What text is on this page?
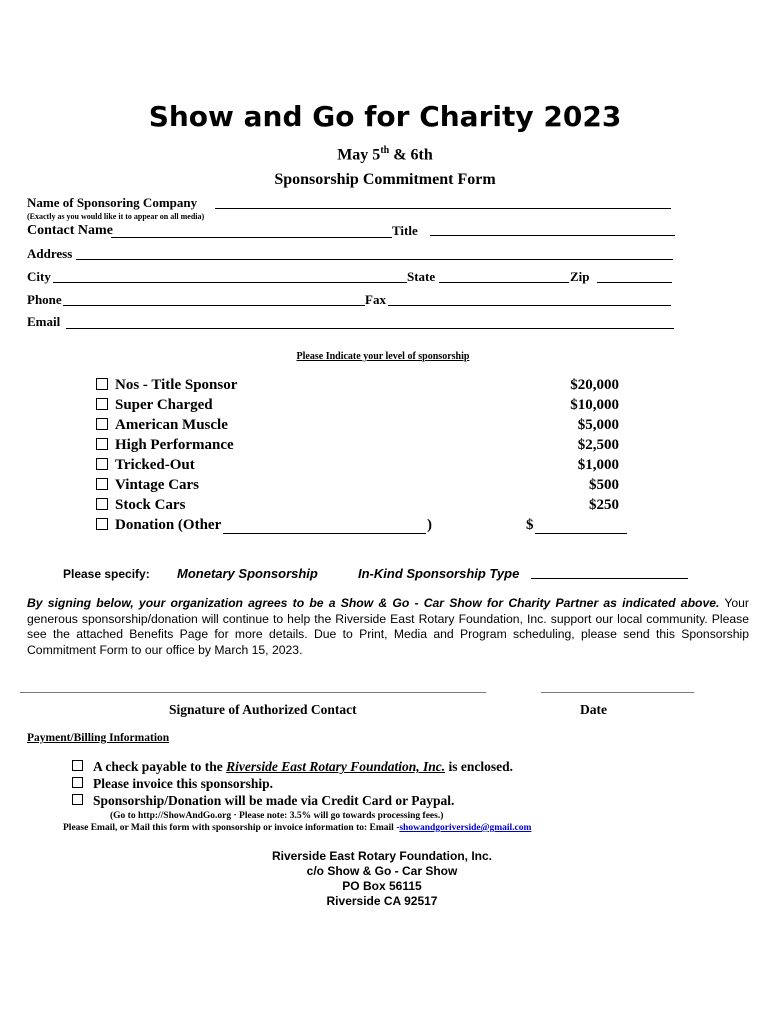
Show and Go for Charity 2023
May 5th & 6th
Sponsorship Commitment Form
Name of Sponsoring Company
(Exactly as you would like it to appear on all media)
Contact Name	Title
Address
City	State	Zip
Phone	Fax
Email
Please Indicate your level of sponsorship
Nos - Title Sponsor	$20,000
Super Charged	$10,000
American Muscle	$5,000
High Performance	$2,500
Tricked-Out	$1,000
Vintage Cars	$500
Stock Cars	$250
Donation (Other	)	$
Please specify: Monetary Sponsorship	In-Kind Sponsorship Type
By signing below, your organization agrees to be a Show & Go - Car Show for Charity Partner as indicated above. Your generous sponsorship/donation will continue to help the Riverside East Rotary Foundation, Inc. support our local community. Please see the attached Benefits Page for more details. Due to Print, Media and Program scheduling, please send this Sponsorship Commitment Form to our office by March 15, 2023.
Signature of Authorized Contact	Date
Payment/Billing Information
A check payable to the Riverside East Rotary Foundation, Inc. is enclosed.
Please invoice this sponsorship.
Sponsorship/Donation will be made via Credit Card or Paypal.
(Go to http://ShowAndGo.org · Please note: 3.5% will go towards processing fees.)
Please Email, or Mail this form with sponsorship or invoice information to: Email -showandgoriverside@gmail.com
Riverside East Rotary Foundation, Inc.
c/o Show & Go - Car Show
PO Box 56115
Riverside CA 92517
